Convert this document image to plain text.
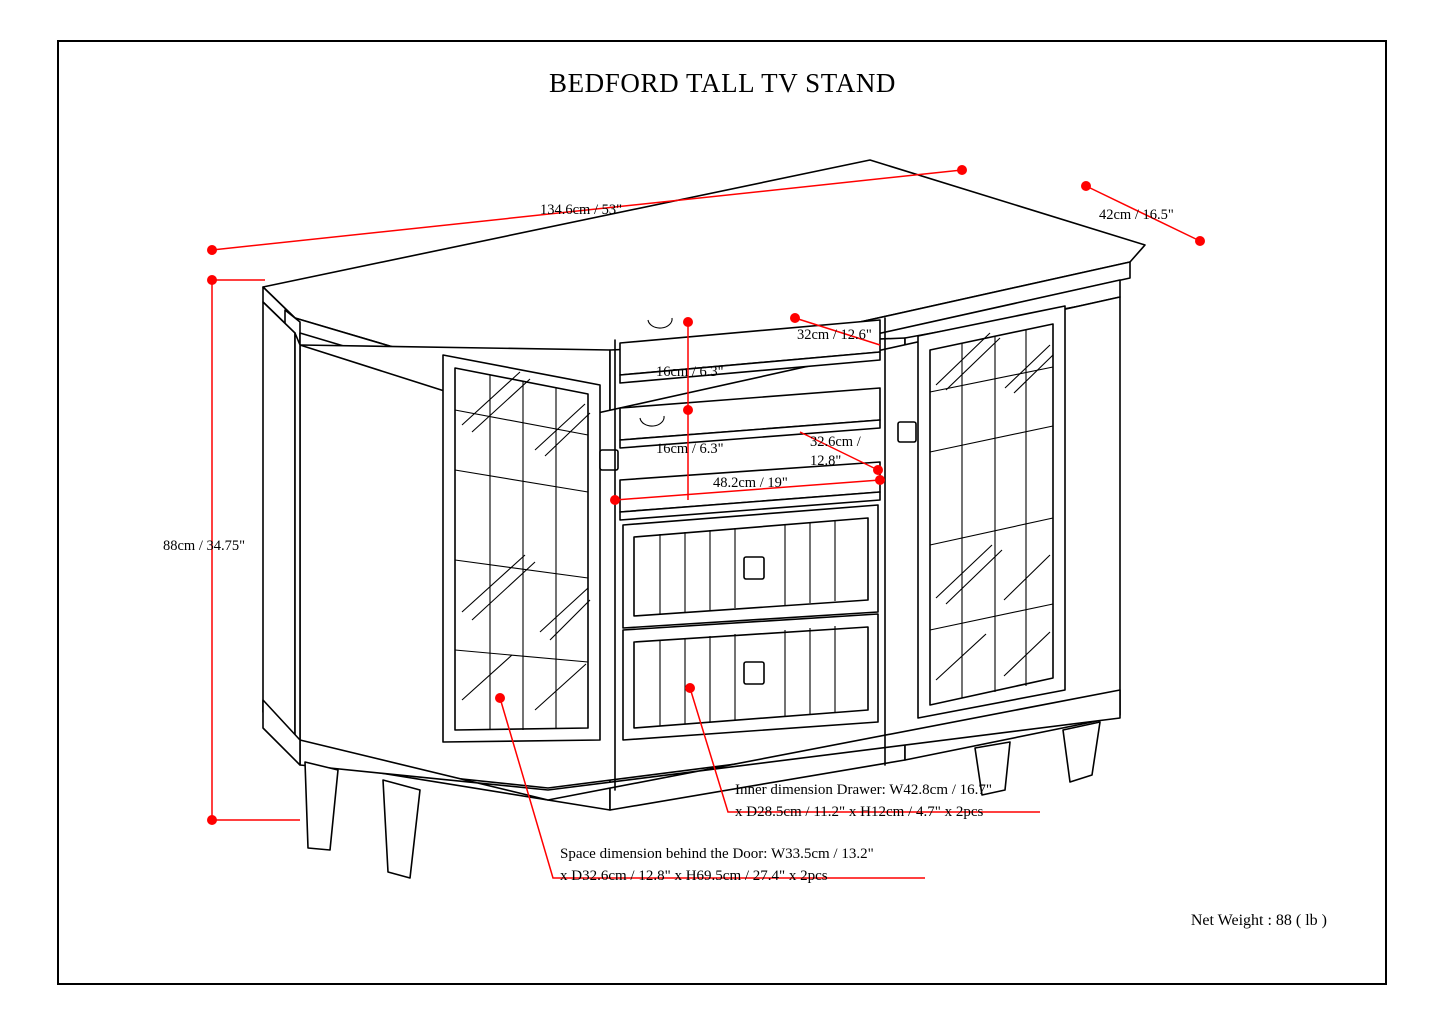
BEDFORD TALL TV STAND
134.6cm / 53"	42cm / 16.5"
88cm / 34.75"
32cm / 12.6"
16cm / 6.3"
16cm / 6.3"	32.6cm / 12.8"
48.2cm / 19"
Inner dimension Drawer: W42.8cm / 16.7"
x D28.5cm / 11.2" x H12cm / 4.7" x 2pcs
Space dimension behind the Door: W33.5cm / 13.2"
x D32.6cm / 12.8" x H69.5cm / 27.4" x 2pcs
Net Weight : 88 ( lb )
